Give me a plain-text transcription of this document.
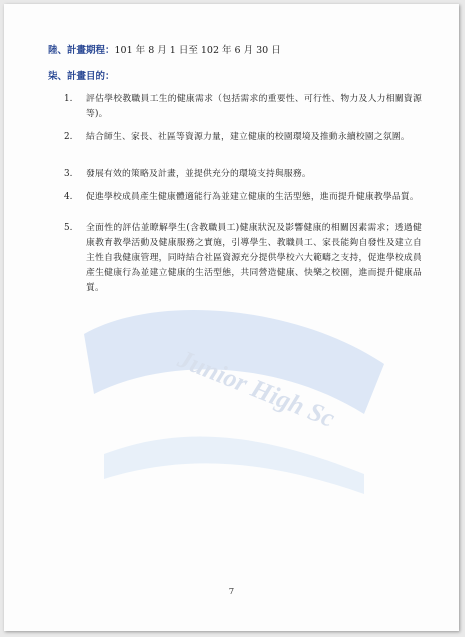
Junior High Sc
陸、計畫期程：101 年 8 月 1 日至 102 年 6 月 30 日
柒、計畫目的：
1.	評估學校教職員工生的健康需求（包括需求的重要性、可行性、物力及人力相關資源等)。
2.	結合師生、家長、社區等資源力量，建立健康的校園環境及推動永續校園之氛圍。
3.	發展有效的策略及計畫，並提供充分的環境支持與服務。
4.	促進學校成員產生健康體適能行為並建立健康的生活型態，進而提升健康教學品質。
5.	全面性的評估並瞭解學生(含教職員工)健康狀況及影響健康的相關因素需求；透過健康教育教學活動及健康服務之實施，引導學生、教職員工、家長能夠自發性及建立自主性自我健康管理，同時結合社區資源充分提供學校六大範疇之支持，促進學校成員產生健康行為並建立健康的生活型態，共同營造健康、快樂之校園，進而提升健康品質。
7
